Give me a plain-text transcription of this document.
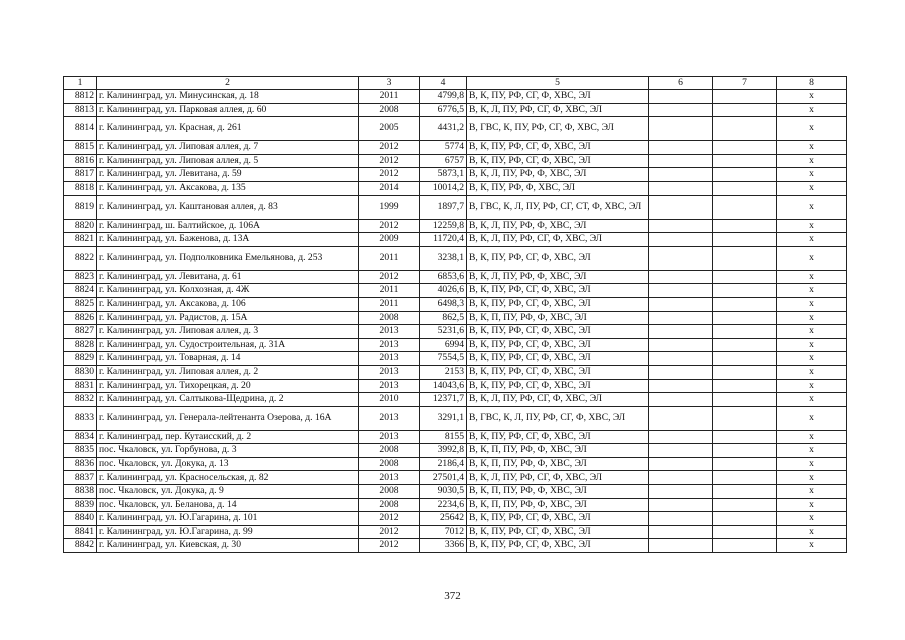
1	2	3	4	5	6	7	8
8812	г. Калининград, ул. Минусинская, д. 18	2011	4799,8	В, К, ПУ, РФ, СГ, Ф, ХВС, ЭЛ			х
8813	г. Калининград, ул. Парковая аллея, д. 60	2008	6776,5	В, К, Л, ПУ, РФ, СГ, Ф, ХВС, ЭЛ			х
8814	г. Калининград, ул. Красная, д. 261	2005	4431,2	В, ГВС, К, ПУ, РФ, СГ, Ф, ХВС, ЭЛ			х
8815	г. Калининград, ул. Липовая аллея, д. 7	2012	5774	В, К, ПУ, РФ, СГ, Ф, ХВС, ЭЛ			х
8816	г. Калининград, ул. Липовая аллея, д. 5	2012	6757	В, К, ПУ, РФ, СГ, Ф, ХВС, ЭЛ			х
8817	г. Калининград, ул. Левитана, д. 59	2012	5873,1	В, К, Л, ПУ, РФ, Ф, ХВС, ЭЛ			х
8818	г. Калининград, ул. Аксакова, д. 135	2014	10014,2	В, К, ПУ, РФ, Ф, ХВС, ЭЛ			х
8819	г. Калининград, ул. Каштановая аллея, д. 83	1999	1897,7	В, ГВС, К, Л, ПУ, РФ, СГ, СТ, Ф, ХВС, ЭЛ			х
8820	г. Калининград, ш. Балтийское, д. 106А	2012	12259,8	В, К, Л, ПУ, РФ, Ф, ХВС, ЭЛ			х
8821	г. Калининград, ул. Баженова, д. 13А	2009	11720,4	В, К, Л, ПУ, РФ, СГ, Ф, ХВС, ЭЛ			х
8822	г. Калининград, ул. Подполковника Емельянова, д. 253	2011	3238,1	В, К, ПУ, РФ, СГ, Ф, ХВС, ЭЛ			х
8823	г. Калининград, ул. Левитана, д. 61	2012	6853,6	В, К, Л, ПУ, РФ, Ф, ХВС, ЭЛ			х
8824	г. Калининград, ул. Колхозная, д. 4Ж	2011	4026,6	В, К, ПУ, РФ, СГ, Ф, ХВС, ЭЛ			х
8825	г. Калининград, ул. Аксакова, д. 106	2011	6498,3	В, К, ПУ, РФ, СГ, Ф, ХВС, ЭЛ			х
8826	г. Калининград, ул. Радистов, д. 15А	2008	862,5	В, К, П, ПУ, РФ, Ф, ХВС, ЭЛ			х
8827	г. Калининград, ул. Липовая аллея, д. 3	2013	5231,6	В, К, ПУ, РФ, СГ, Ф, ХВС, ЭЛ			х
8828	г. Калининград, ул. Судостроительная, д. 31А	2013	6994	В, К, ПУ, РФ, СГ, Ф, ХВС, ЭЛ			х
8829	г. Калининград, ул. Товарная, д. 14	2013	7554,5	В, К, ПУ, РФ, СГ, Ф, ХВС, ЭЛ			х
8830	г. Калининград, ул. Липовая аллея, д. 2	2013	2153	В, К, ПУ, РФ, СГ, Ф, ХВС, ЭЛ			х
8831	г. Калининград, ул. Тихорецкая, д. 20	2013	14043,6	В, К, ПУ, РФ, СГ, Ф, ХВС, ЭЛ			х
8832	г. Калининград, ул. Салтыкова-Щедрина, д. 2	2010	12371,7	В, К, Л, ПУ, РФ, СГ, Ф, ХВС, ЭЛ			х
8833	г. Калининград, ул. Генерала-лейтенанта Озерова, д. 16А	2013	3291,1	В, ГВС, К, Л, ПУ, РФ, СГ, Ф, ХВС, ЭЛ			х
8834	г. Калининград, пер. Кутаисский, д. 2	2013	8155	В, К, ПУ, РФ, СГ, Ф, ХВС, ЭЛ			х
8835	пос. Чкаловск, ул. Горбунова, д. 3	2008	3992,8	В, К, П, ПУ, РФ, Ф, ХВС, ЭЛ			х
8836	пос. Чкаловск, ул. Докука, д. 13	2008	2186,4	В, К, П, ПУ, РФ, Ф, ХВС, ЭЛ			х
8837	г. Калининград, ул. Красносельская, д. 82	2013	27501,4	В, К, Л, ПУ, РФ, СГ, Ф, ХВС, ЭЛ			х
8838	пос. Чкаловск, ул. Докука, д. 9	2008	9030,5	В, К, П, ПУ, РФ, Ф, ХВС, ЭЛ			х
8839	пос. Чкаловск, ул. Беланова, д. 14	2008	2234,6	В, К, П, ПУ, РФ, Ф, ХВС, ЭЛ			х
8840	г. Калининград, ул. Ю.Гагарина, д. 101	2012	25642	В, К, ПУ, РФ, СГ, Ф, ХВС, ЭЛ			х
8841	г. Калининград, ул. Ю.Гагарина, д. 99	2012	7012	В, К, ПУ, РФ, СГ, Ф, ХВС, ЭЛ			х
8842	г. Калининград, ул. Киевская, д. 30	2012	3366	В, К, ПУ, РФ, СГ, Ф, ХВС, ЭЛ			х
372
